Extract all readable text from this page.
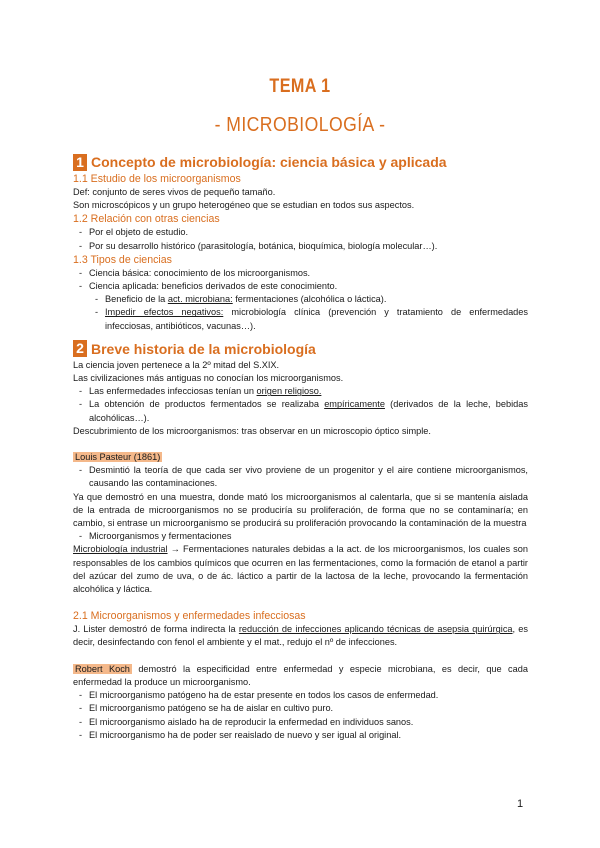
TEMA 1
- MICROBIOLOGÍA -
1 Concepto de microbiología: ciencia básica y aplicada
1.1 Estudio de los microorganismos

Def: conjunto de seres vivos de pequeño tamaño.

Son microscópicos y un grupo heterogéneo que se estudian en todos sus aspectos.

1.2 Relación con otras ciencias
- Por el objeto de estudio.
- Por su desarrollo histórico (parasitología, botánica, bioquímica, biología molecular…).
1.3 Tipos de ciencias
- Ciencia básica: conocimiento de los microorganismos.
- Ciencia aplicada: beneficios derivados de este conocimiento.
- Beneficio de la act. microbiana: fermentaciones (alcohólica o láctica).
- Impedir efectos negativos: microbiología clínica (prevención y tratamiento de enfermedades infecciosas, antibióticos, vacunas…).
2 Breve historia de la microbiología

La ciencia joven pertenece a la 2º mitad del S.XIX.

Las civilizaciones más antiguas no conocían los microorganismos.

- Las enfermedades infecciosas tenían un origen religioso.
- La obtención de productos fermentados se realizaba empíricamente (derivados de la leche, bebidas alcohólicas…).

Descubrimiento de los microorganismos: tras observar en un microscopio óptico simple.

Louis Pasteur (1861)

- Desmintió la teoría de que cada ser vivo proviene de un progenitor y el aire contiene microorganismos, causando las contaminaciones.

Ya que demostró en una muestra, donde mató los microorganismos al calentarla, que si se mantenía aislada de la entrada de microorganismos no se produciría su proliferación, de forma que no se contaminaría; en cambio, si entrase un microorganismo se producirá su proliferación provocando la contaminación de la muestra

- Microorganismos y fermentaciones

Microbiología industrial → Fermentaciones naturales debidas a la act. de los microorganismos, los cuales son responsables de los cambios químicos que ocurren en las fermentaciones, como la formación de etanol a partir del azúcar del zumo de uva, o de ác. láctico a partir de la lactosa de la leche, provocando la fermentación alcohólica y láctica.

2.1 Microorganismos y enfermedades infecciosas

J. Lister demostró de forma indirecta la reducción de infecciones aplicando técnicas de asepsia quirúrgica, es decir, desinfectando con fenol el ambiente y el mat., redujo el nº de infecciones.

Robert Koch demostró la especificidad entre enfermedad y especie microbiana, es decir, que cada enfermedad la produce un microorganismo.

- El microorganismo patógeno ha de estar presente en todos los casos de enfermedad.
- El microorganismo patógeno se ha de aislar en cultivo puro.
- El microorganismo aislado ha de reproducir la enfermedad en individuos sanos.
- El microorganismo ha de poder ser reaislado de nuevo y ser igual al original.
1
